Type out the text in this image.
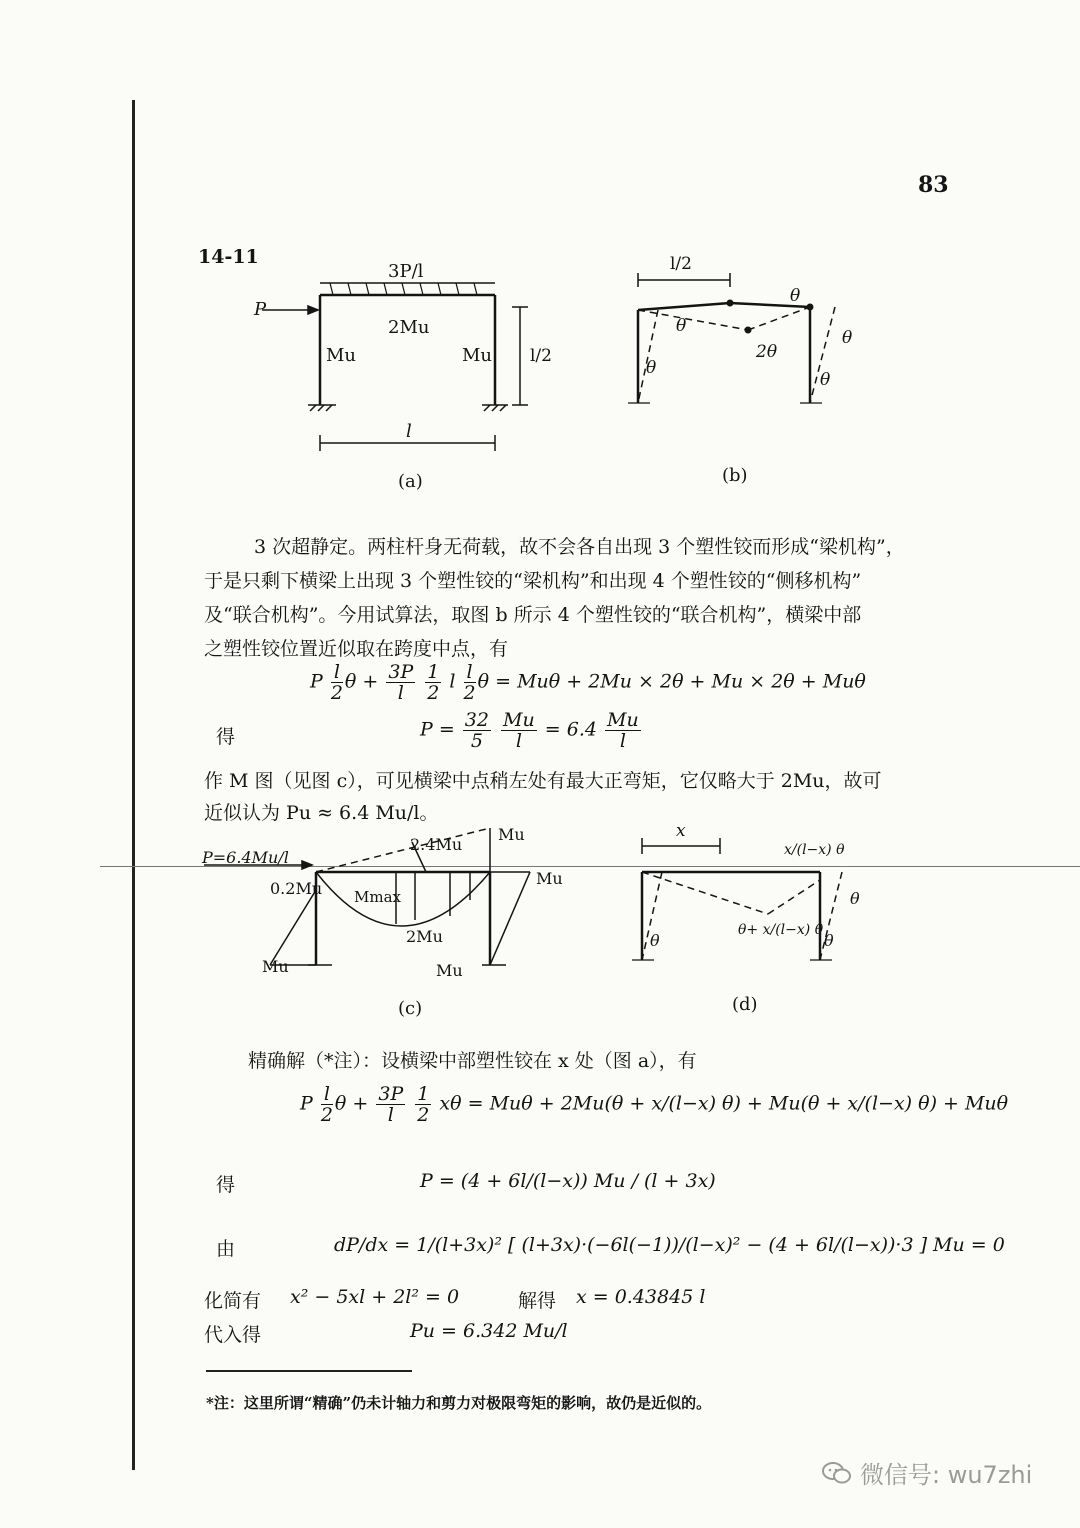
83
14-11
3P/l
P
2Mu
Mu	Mu l/2
l
(a)
l/2
θ
θ
2θ
θ
θ
θ
(b)

3 次超静定。两柱杆身无荷载，故不会各自出现 3 个塑性铰而形成“梁机构”，

于是只剩下横梁上出现 3 个塑性铰的“梁机构”和出现 4 个塑性铰的“侧移机构”

及“联合机构”。今用试算法，取图 b 所示 4 个塑性铰的“联合机构”，横梁中部

之塑性铰位置近似取在跨度中点，有

P $\frac{l}{2}$ $\theta + \frac{3P}{l}$
$\frac{1}{2}$ l $\frac{l}{2}$ θ = Muθ + 2Mu × 2θ + Mu × 2θ + Muθ
得	$P = \frac{32}{5}$
$\frac{Mu}{l} = 6.4 \frac{Mu}{l}$
作 M 图（见图 c），可见横梁中点稍左处有最大正弯矩，它仅略大于 2Mu，故可
近似认为 Pu ≈ 6.4 Mu/l。
P=6.4Mu/l
2.4Mu
Mu
Mu
0.2Mu Mmax
2Mu
Mu	Mu
(c)
x
x/(l−x) θ
θ+ x/(l−x) θ
θ
θ
θ
(d)
精确解（*注）：设横梁中部塑性铰在 x 处（图 a），有
P $\frac{l}{2}$ $\theta + \frac{3P}{l}$
$\frac{1}{2}$ xθ = Muθ + 2Mu(θ + x/(l−x) θ) + Mu(θ + x/(l−x) θ) + Muθ
得	P = (4 + 6l/(l−x)) Mu / (l + 3x)
由	dP/dx = 1/(l+3x)² [ (l+3x)·(−6l(−1))/(l−x)² − (4 + 6l/(l−x))·3 ] Mu = 0
化简有 x² − 5xl + 2l² = 0	解得 x = 0.43845 l
代入得	Pu = 6.342 Mu/l
*注：这里所谓“精确”仍未计轴力和剪力对极限弯矩的影响，故仍是近似的。
微信号: wu7zhi
